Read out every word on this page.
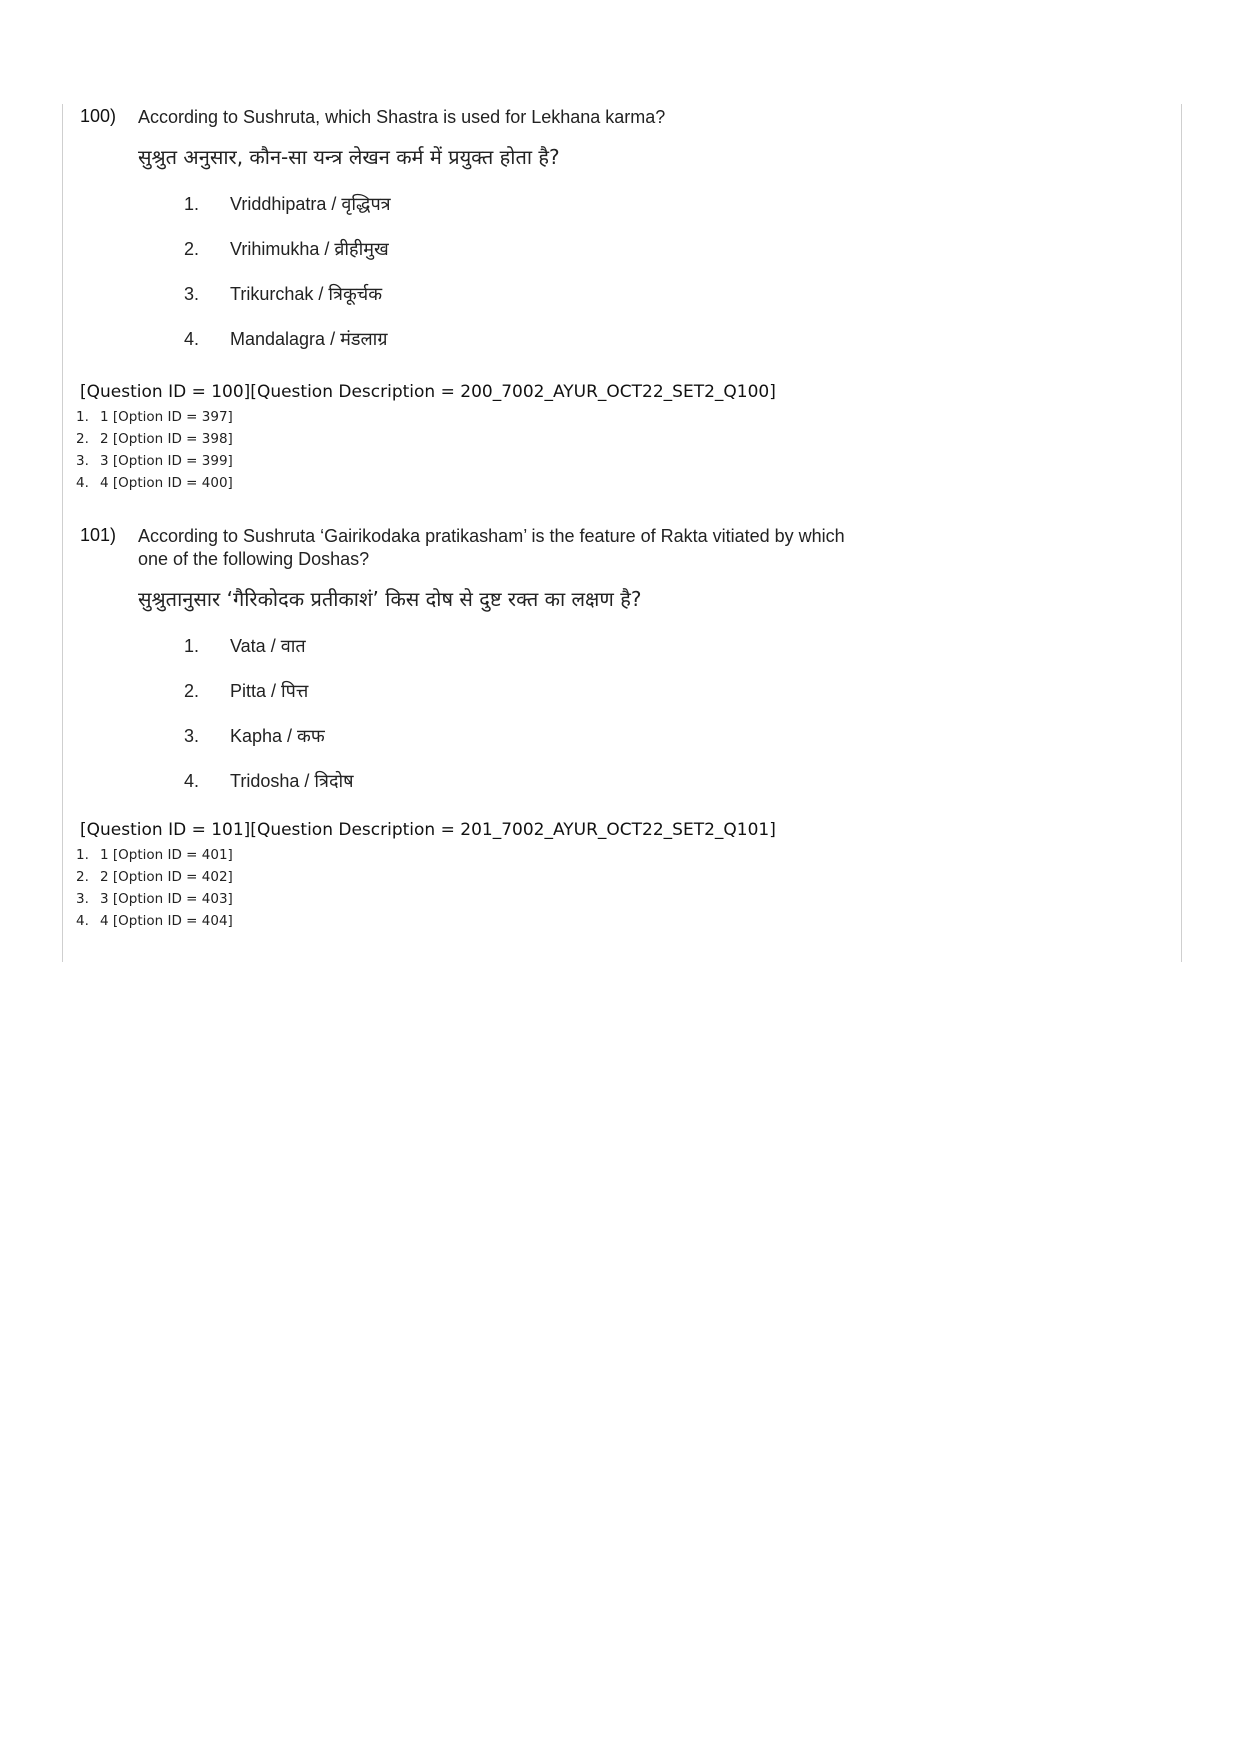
100) According to Sushruta, which Shastra is used for Lekhana karma?
सुश्रुत अनुसार, कौन-सा यन्त्र लेखन कर्म में प्रयुक्त होता है?
1. Vriddhipatra / वृद्धिपत्र
2. Vrihimukha / व्रीहीमुख
3. Trikurchak / त्रिकूर्चक
4. Mandalagra / मंडलाग्र
[Question ID = 100][Question Description = 200_7002_AYUR_OCT22_SET2_Q100]
1. 1 [Option ID = 397]
2. 2 [Option ID = 398]
3. 3 [Option ID = 399]
4. 4 [Option ID = 400]
101) According to Sushruta ‘Gairikodaka pratikasham’ is the feature of Rakta vitiated by which one of the following Doshas?
सुश्रुतानुसार ‘गैरिकोदक प्रतीकाशं’ किस दोष से दुष्ट रक्त का लक्षण है?
1. Vata / वात
2. Pitta / पित्त
3. Kapha / कफ
4. Tridosha / त्रिदोष
[Question ID = 101][Question Description = 201_7002_AYUR_OCT22_SET2_Q101]
1. 1 [Option ID = 401]
2. 2 [Option ID = 402]
3. 3 [Option ID = 403]
4. 4 [Option ID = 404]
